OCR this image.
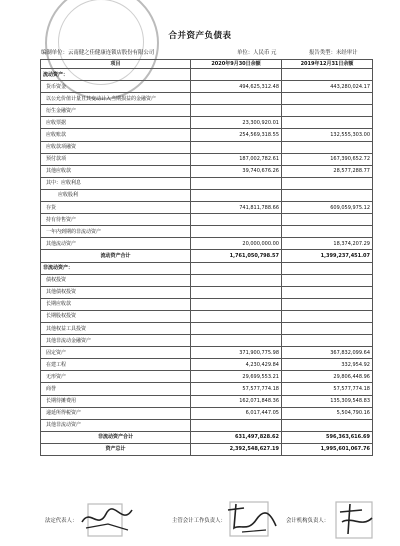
合并资产负债表
编制单位：云南健之佳健康连锁店股份有限公司	单位：人民币 元	报告类型：未经审计
项目	2020年9月30日余额	2019年12月31日余额
流动资产：		
货币资金	494,625,312.48	443,280,024.17
以公允价值计量且其变动计入当期损益的金融资产		
衍生金融资产		
应收票据	23,300,920.01	
应收账款	254,569,318.55	132,555,303.00
应收款项融资		
预付款项	187,002,782.61	167,390,652.72
其他应收款	39,740,676.26	28,577,288.77
其中：应收利息		
应收股利		
存货	741,811,788.66	609,059,975.12
持有待售资产		
一年内到期的非流动资产		
其他流动资产	20,000,000.00	18,374,207.29
流动资产合计	1,761,050,798.57	1,399,237,451.07
非流动资产：		
债权投资		
其他债权投资		
长期应收款		
长期股权投资		
其他权益工具投资		
其他非流动金融资产		
固定资产	371,900,775.98	367,832,099.64
在建工程	4,230,429.84	332,954.92
无形资产	29,699,553.21	29,806,448.96
商誉	57,577,774.18	57,577,774.18
长期待摊费用	162,071,848.36	135,309,548.83
递延所得税资产	6,017,447.05	5,504,790.16
其他非流动资产		
非流动资产合计	631,497,828.62	596,363,616.69
资产总计	2,392,548,627.19	1,995,601,067.76
法定代表人：	主管会计工作负责人：	会计机构负责人：
